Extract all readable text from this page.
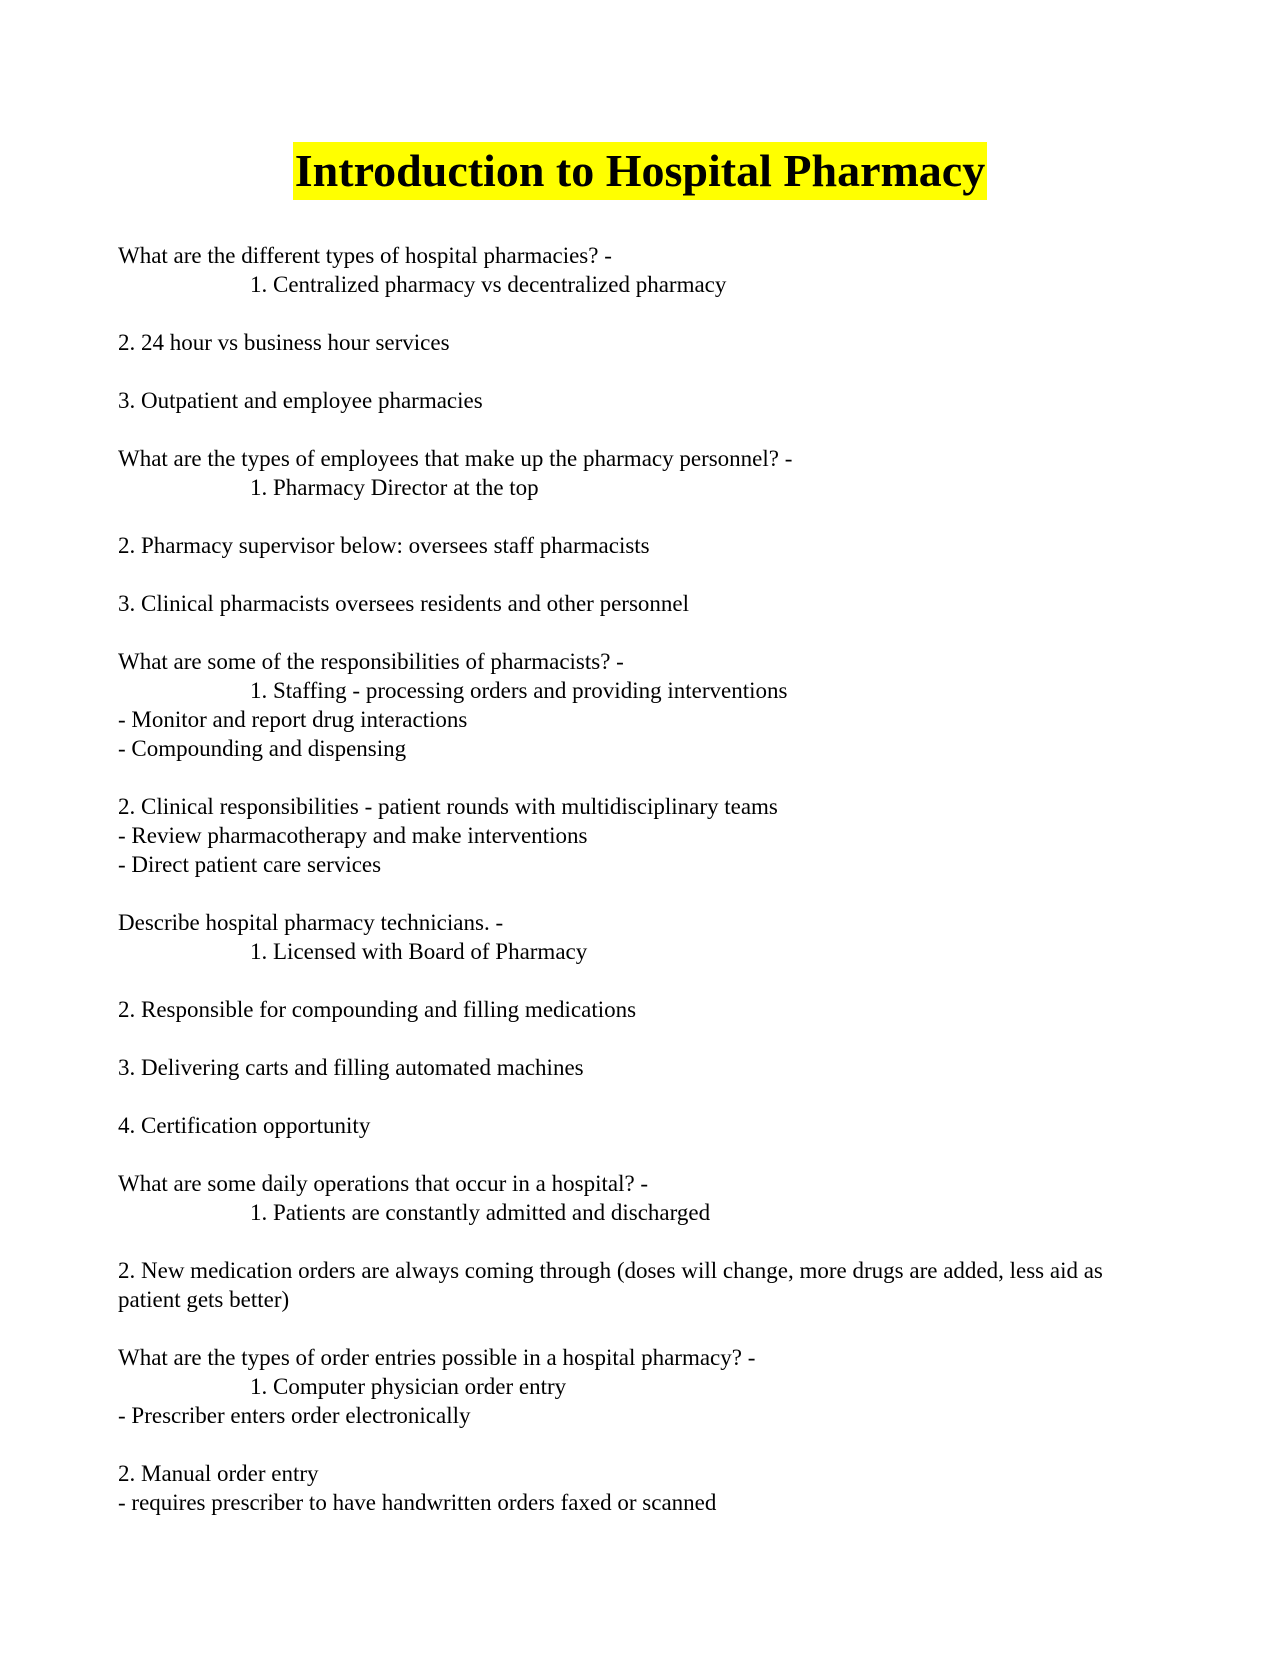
Introduction to Hospital Pharmacy

What are the different types of hospital pharmacies? -

1. Centralized pharmacy vs decentralized pharmacy

2. 24 hour vs business hour services

3. Outpatient and employee pharmacies

What are the types of employees that make up the pharmacy personnel? -

1. Pharmacy Director at the top

2. Pharmacy supervisor below: oversees staff pharmacists

3. Clinical pharmacists oversees residents and other personnel

What are some of the responsibilities of pharmacists? -

1. Staffing - processing orders and providing interventions

- Monitor and report drug interactions

- Compounding and dispensing

2. Clinical responsibilities - patient rounds with multidisciplinary teams

- Review pharmacotherapy and make interventions

- Direct patient care services

Describe hospital pharmacy technicians. -

1. Licensed with Board of Pharmacy

2. Responsible for compounding and filling medications

3. Delivering carts and filling automated machines

4. Certification opportunity

What are some daily operations that occur in a hospital? -

1. Patients are constantly admitted and discharged

2. New medication orders are always coming through (doses will change, more drugs are added, less aid as patient gets better)

What are the types of order entries possible in a hospital pharmacy? -

1. Computer physician order entry

- Prescriber enters order electronically

2. Manual order entry

- requires prescriber to have handwritten orders faxed or scanned
